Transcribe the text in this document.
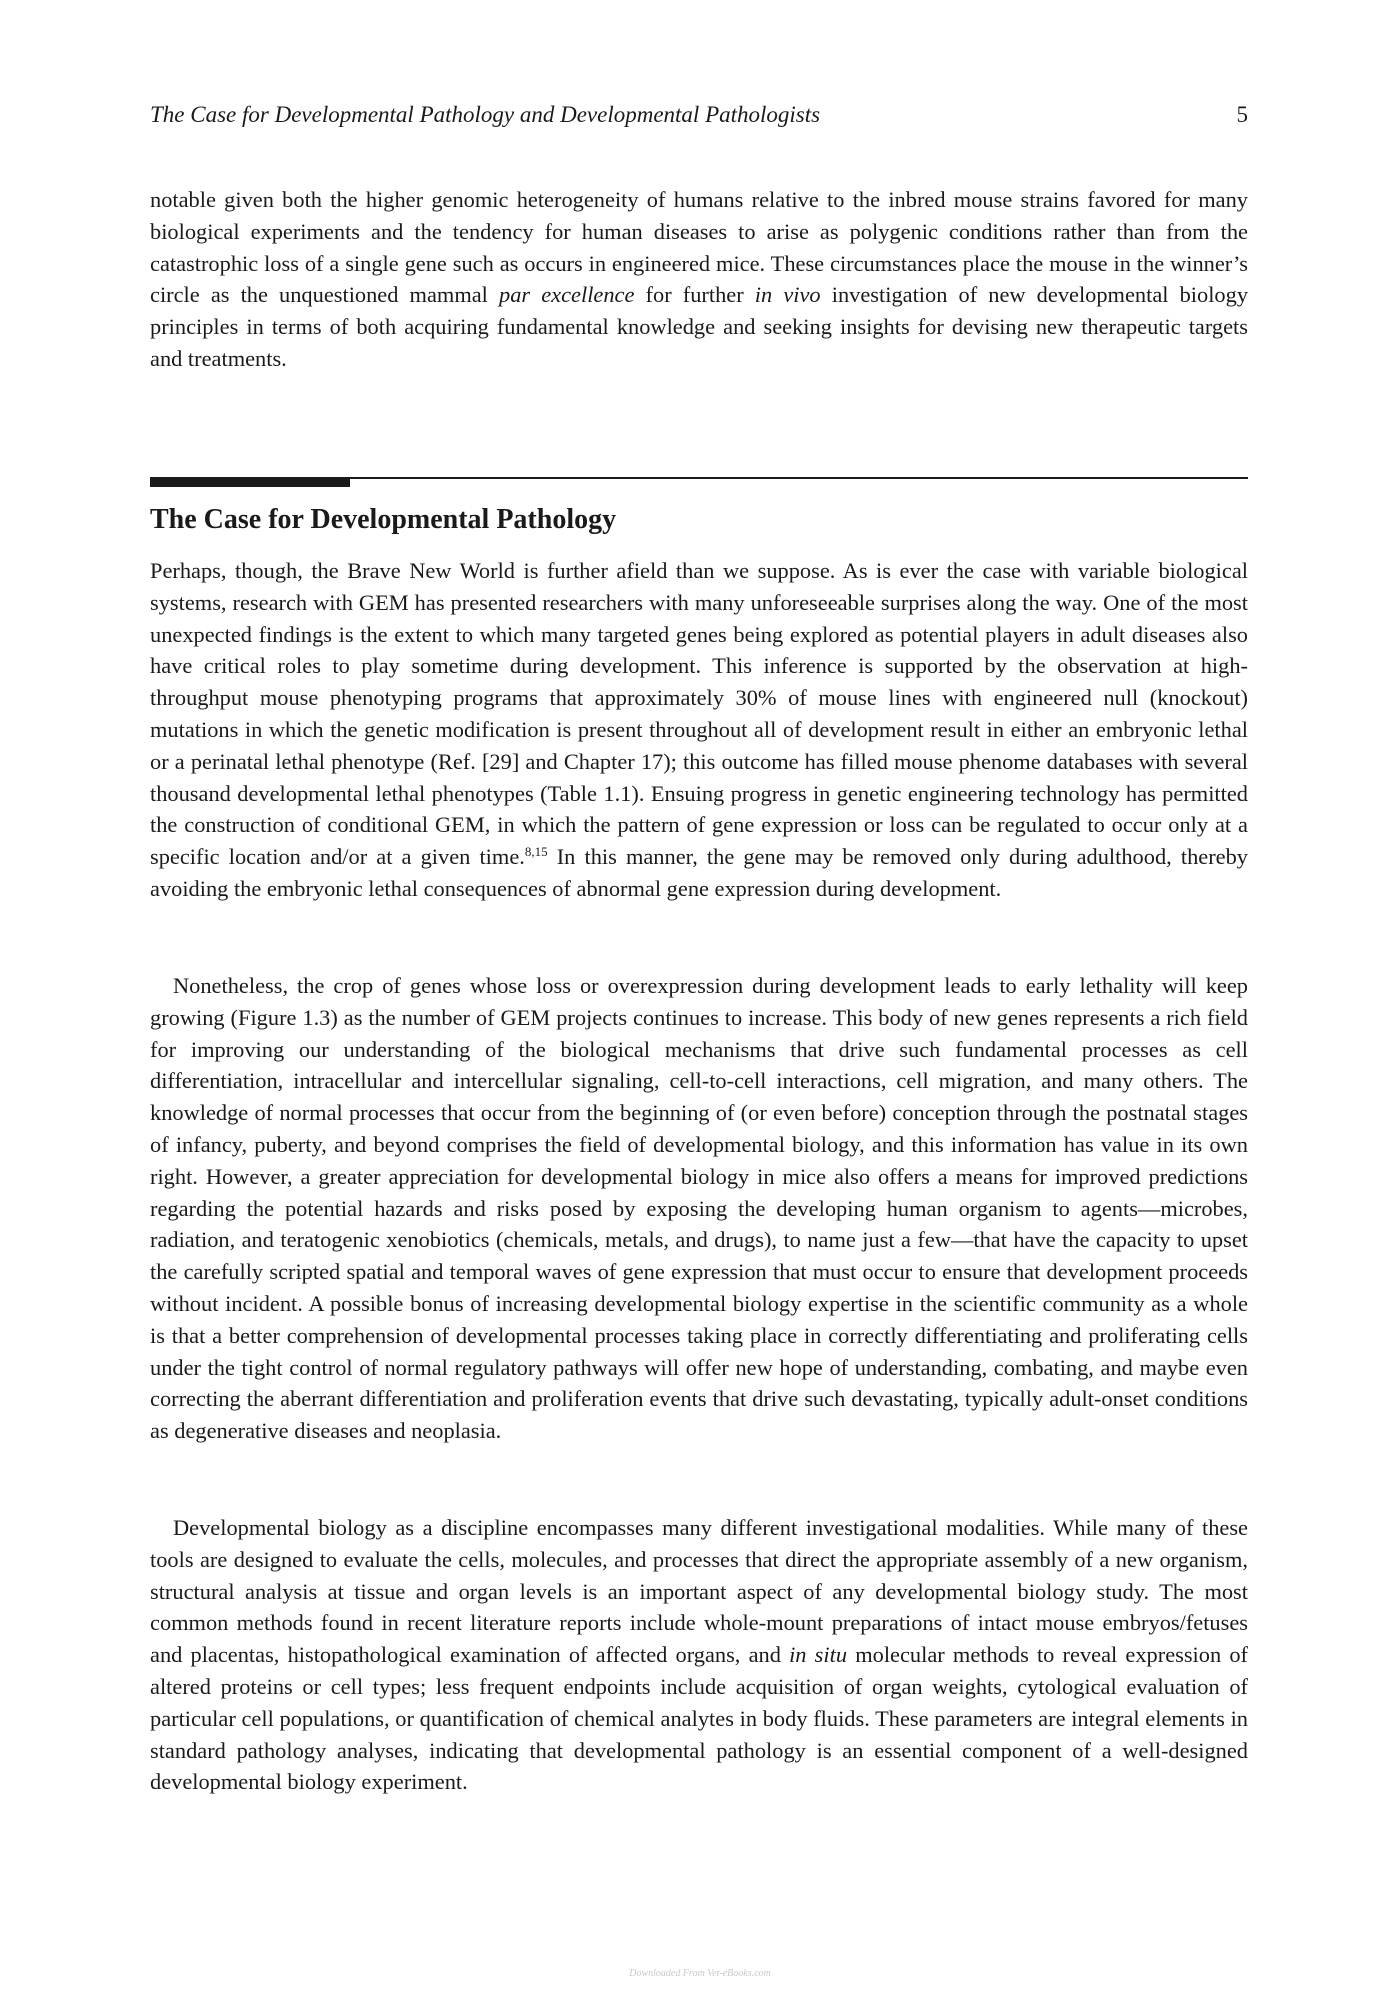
The Case for Developmental Pathology and Developmental Pathologists	5

notable given both the higher genomic heterogeneity of humans relative to the inbred mouse strains favored for many biological experiments and the tendency for human diseases to arise as polygenic conditions rather than from the catastrophic loss of a single gene such as occurs in engineered mice. These circumstances place the mouse in the winner’s circle as the unquestioned mammal par excellence for further in vivo investigation of new developmental biology principles in terms of both acquiring fundamental knowledge and seeking insights for devising new therapeutic targets and treatments.

The Case for Developmental Pathology

Perhaps, though, the Brave New World is further afield than we suppose. As is ever the case with variable biological systems, research with GEM has presented researchers with many unforeseeable surprises along the way. One of the most unexpected findings is the extent to which many targeted genes being explored as potential players in adult diseases also have critical roles to play sometime during development. This inference is supported by the observation at high-throughput mouse phenotyping programs that approximately 30% of mouse lines with engineered null (knockout) mutations in which the genetic modification is present throughout all of development result in either an embryonic lethal or a perinatal lethal phenotype (Ref. [29] and Chapter 17); this outcome has filled mouse phenome databases with several thousand developmental lethal phenotypes (Table 1.1). Ensuing progress in genetic engineering technology has permitted the construction of conditional GEM, in which the pattern of gene expression or loss can be regulated to occur only at a specific location and/or at a given time.$^{8,15}$ In this manner, the gene may be removed only during adulthood, thereby avoiding the embryonic lethal consequences of abnormal gene expression during development.

Nonetheless, the crop of genes whose loss or overexpression during development leads to early lethality will keep growing (Figure 1.3) as the number of GEM projects continues to increase. This body of new genes represents a rich field for improving our understanding of the biological mechanisms that drive such fundamental processes as cell differentiation, intracellular and intercellular signaling, cell-to-cell interactions, cell migration, and many others. The knowledge of normal processes that occur from the beginning of (or even before) conception through the postnatal stages of infancy, puberty, and beyond comprises the field of developmental biology, and this information has value in its own right. However, a greater appreciation for developmental biology in mice also offers a means for improved predictions regarding the potential hazards and risks posed by exposing the developing human organism to agents—microbes, radiation, and teratogenic xenobiotics (chemicals, metals, and drugs), to name just a few—that have the capacity to upset the carefully scripted spatial and temporal waves of gene expression that must occur to ensure that development proceeds without incident. A possible bonus of increasing developmental biology expertise in the scientific community as a whole is that a better comprehension of developmental processes taking place in correctly differentiating and proliferating cells under the tight control of normal regulatory pathways will offer new hope of understanding, combating, and maybe even correcting the aberrant differentiation and proliferation events that drive such devastating, typically adult-onset conditions as degenerative diseases and neoplasia.

Developmental biology as a discipline encompasses many different investigational modalities. While many of these tools are designed to evaluate the cells, molecules, and processes that direct the appropriate assembly of a new organism, structural analysis at tissue and organ levels is an important aspect of any developmental biology study. The most common methods found in recent literature reports include whole-mount preparations of intact mouse embryos/fetuses and placentas, histopathological examination of affected organs, and in situ molecular methods to reveal expression of altered proteins or cell types; less frequent endpoints include acquisition of organ weights, cytological evaluation of particular cell populations, or quantification of chemical analytes in body fluids. These parameters are integral elements in standard pathology analyses, indicating that developmental pathology is an essential component of a well-designed developmental biology experiment.

Downloaded From Vet-eBooks.com
